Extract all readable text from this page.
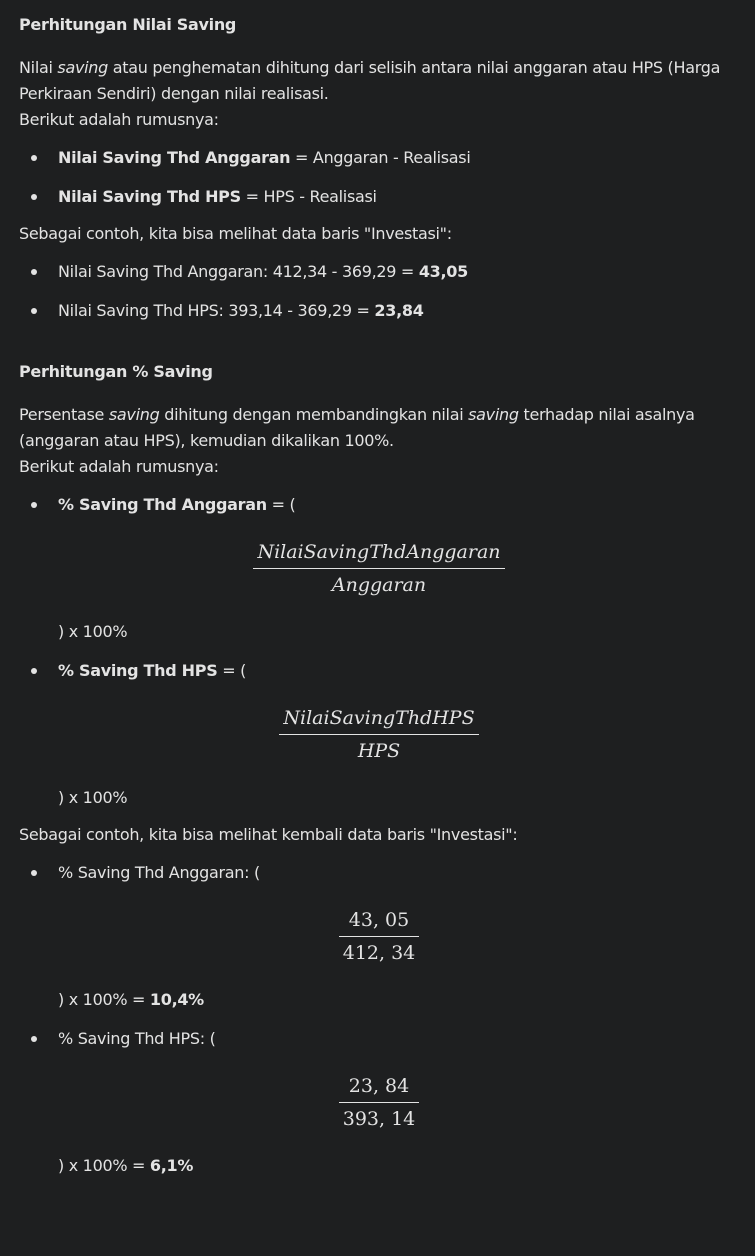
Perhitungan Nilai Saving

Nilai saving atau penghematan dihitung dari selisih antara nilai anggaran atau HPS (Harga Perkiraan Sendiri) dengan nilai realisasi.

Berikut adalah rumusnya:

Nilai Saving Thd Anggaran = Anggaran - Realisasi
Nilai Saving Thd HPS = HPS - Realisasi

Sebagai contoh, kita bisa melihat data baris "Investasi":

Nilai Saving Thd Anggaran: 412,34 - 369,29 = 43,05
Nilai Saving Thd HPS: 393,14 - 369,29 = 23,84
Perhitungan % Saving

Persentase saving dihitung dengan membandingkan nilai saving terhadap nilai asalnya (anggaran atau HPS), kemudian dikalikan 100%.

Berikut adalah rumusnya:

% Saving Thd Anggaran = (
$\frac{\text{NilaiSavingThdAnggaran}}{\text{Anggaran}}$
) x 100%
% Saving Thd HPS = (
$\frac{\text{NilaiSavingThdHPS}}{\text{HPS}}$
) x 100%

Sebagai contoh, kita bisa melihat kembali data baris "Investasi":

% Saving Thd Anggaran: (
$\frac{43, 05}{412, 34}$
) x 100% = 10,4%
% Saving Thd HPS: (
$\frac{23, 84}{393, 14}$
) x 100% = 6,1%
